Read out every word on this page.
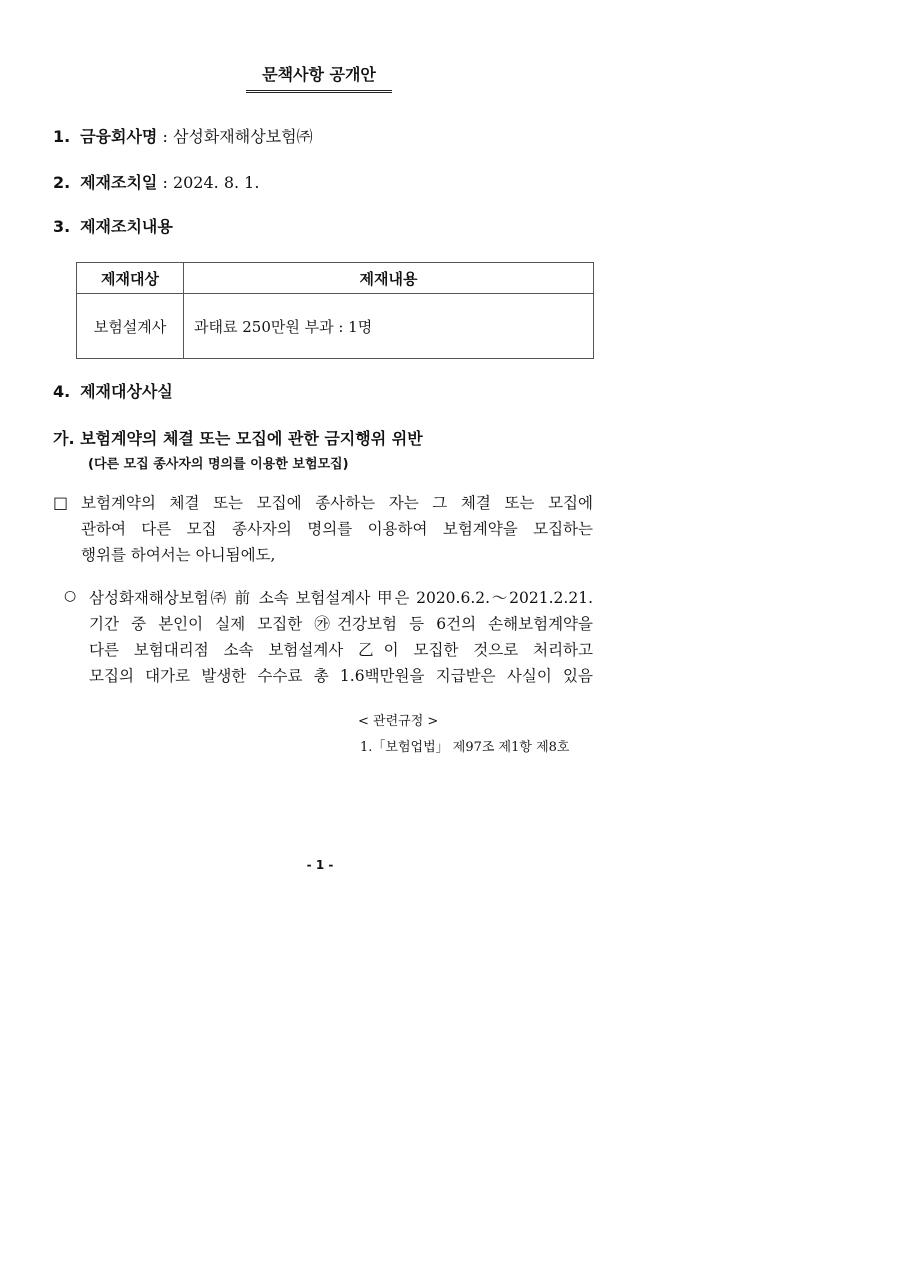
문책사항 공개안
1. 금융회사명 : 삼성화재해상보험㈜
2. 제재조치일 : 2024. 8. 1.
3. 제재조치내용
제재대상	제재내용
보험설계사	과태료 250만원 부과 : 1명
4. 제재대상사실
가. 보험계약의 체결 또는 모집에 관한 금지행위 위반
(다른 모집 종사자의 명의를 이용한 보험모집)
□ 보험계약의 체결 또는 모집에 종사하는 자는 그 체결 또는 모집에
관하여 다른 모집 종사자의 명의를 이용하여 보험계약을 모집하는
행위를 하여서는 아니됨에도,
○ 삼성화재해상보험㈜ 前 소속 보험설계사 甲은 2020.6.2.～2021.2.21.
기간 중 본인이 실제 모집한 ㉮건강보험 등 6건의 손해보험계약을
다른 보험대리점 소속 보험설계사 乙이 모집한 것으로 처리하고
모집의 대가로 발생한 수수료 총 1.6백만원을 지급받은 사실이 있음
< 관련규정 >
1.「보험업법」 제97조 제1항 제8호
- 1 -
